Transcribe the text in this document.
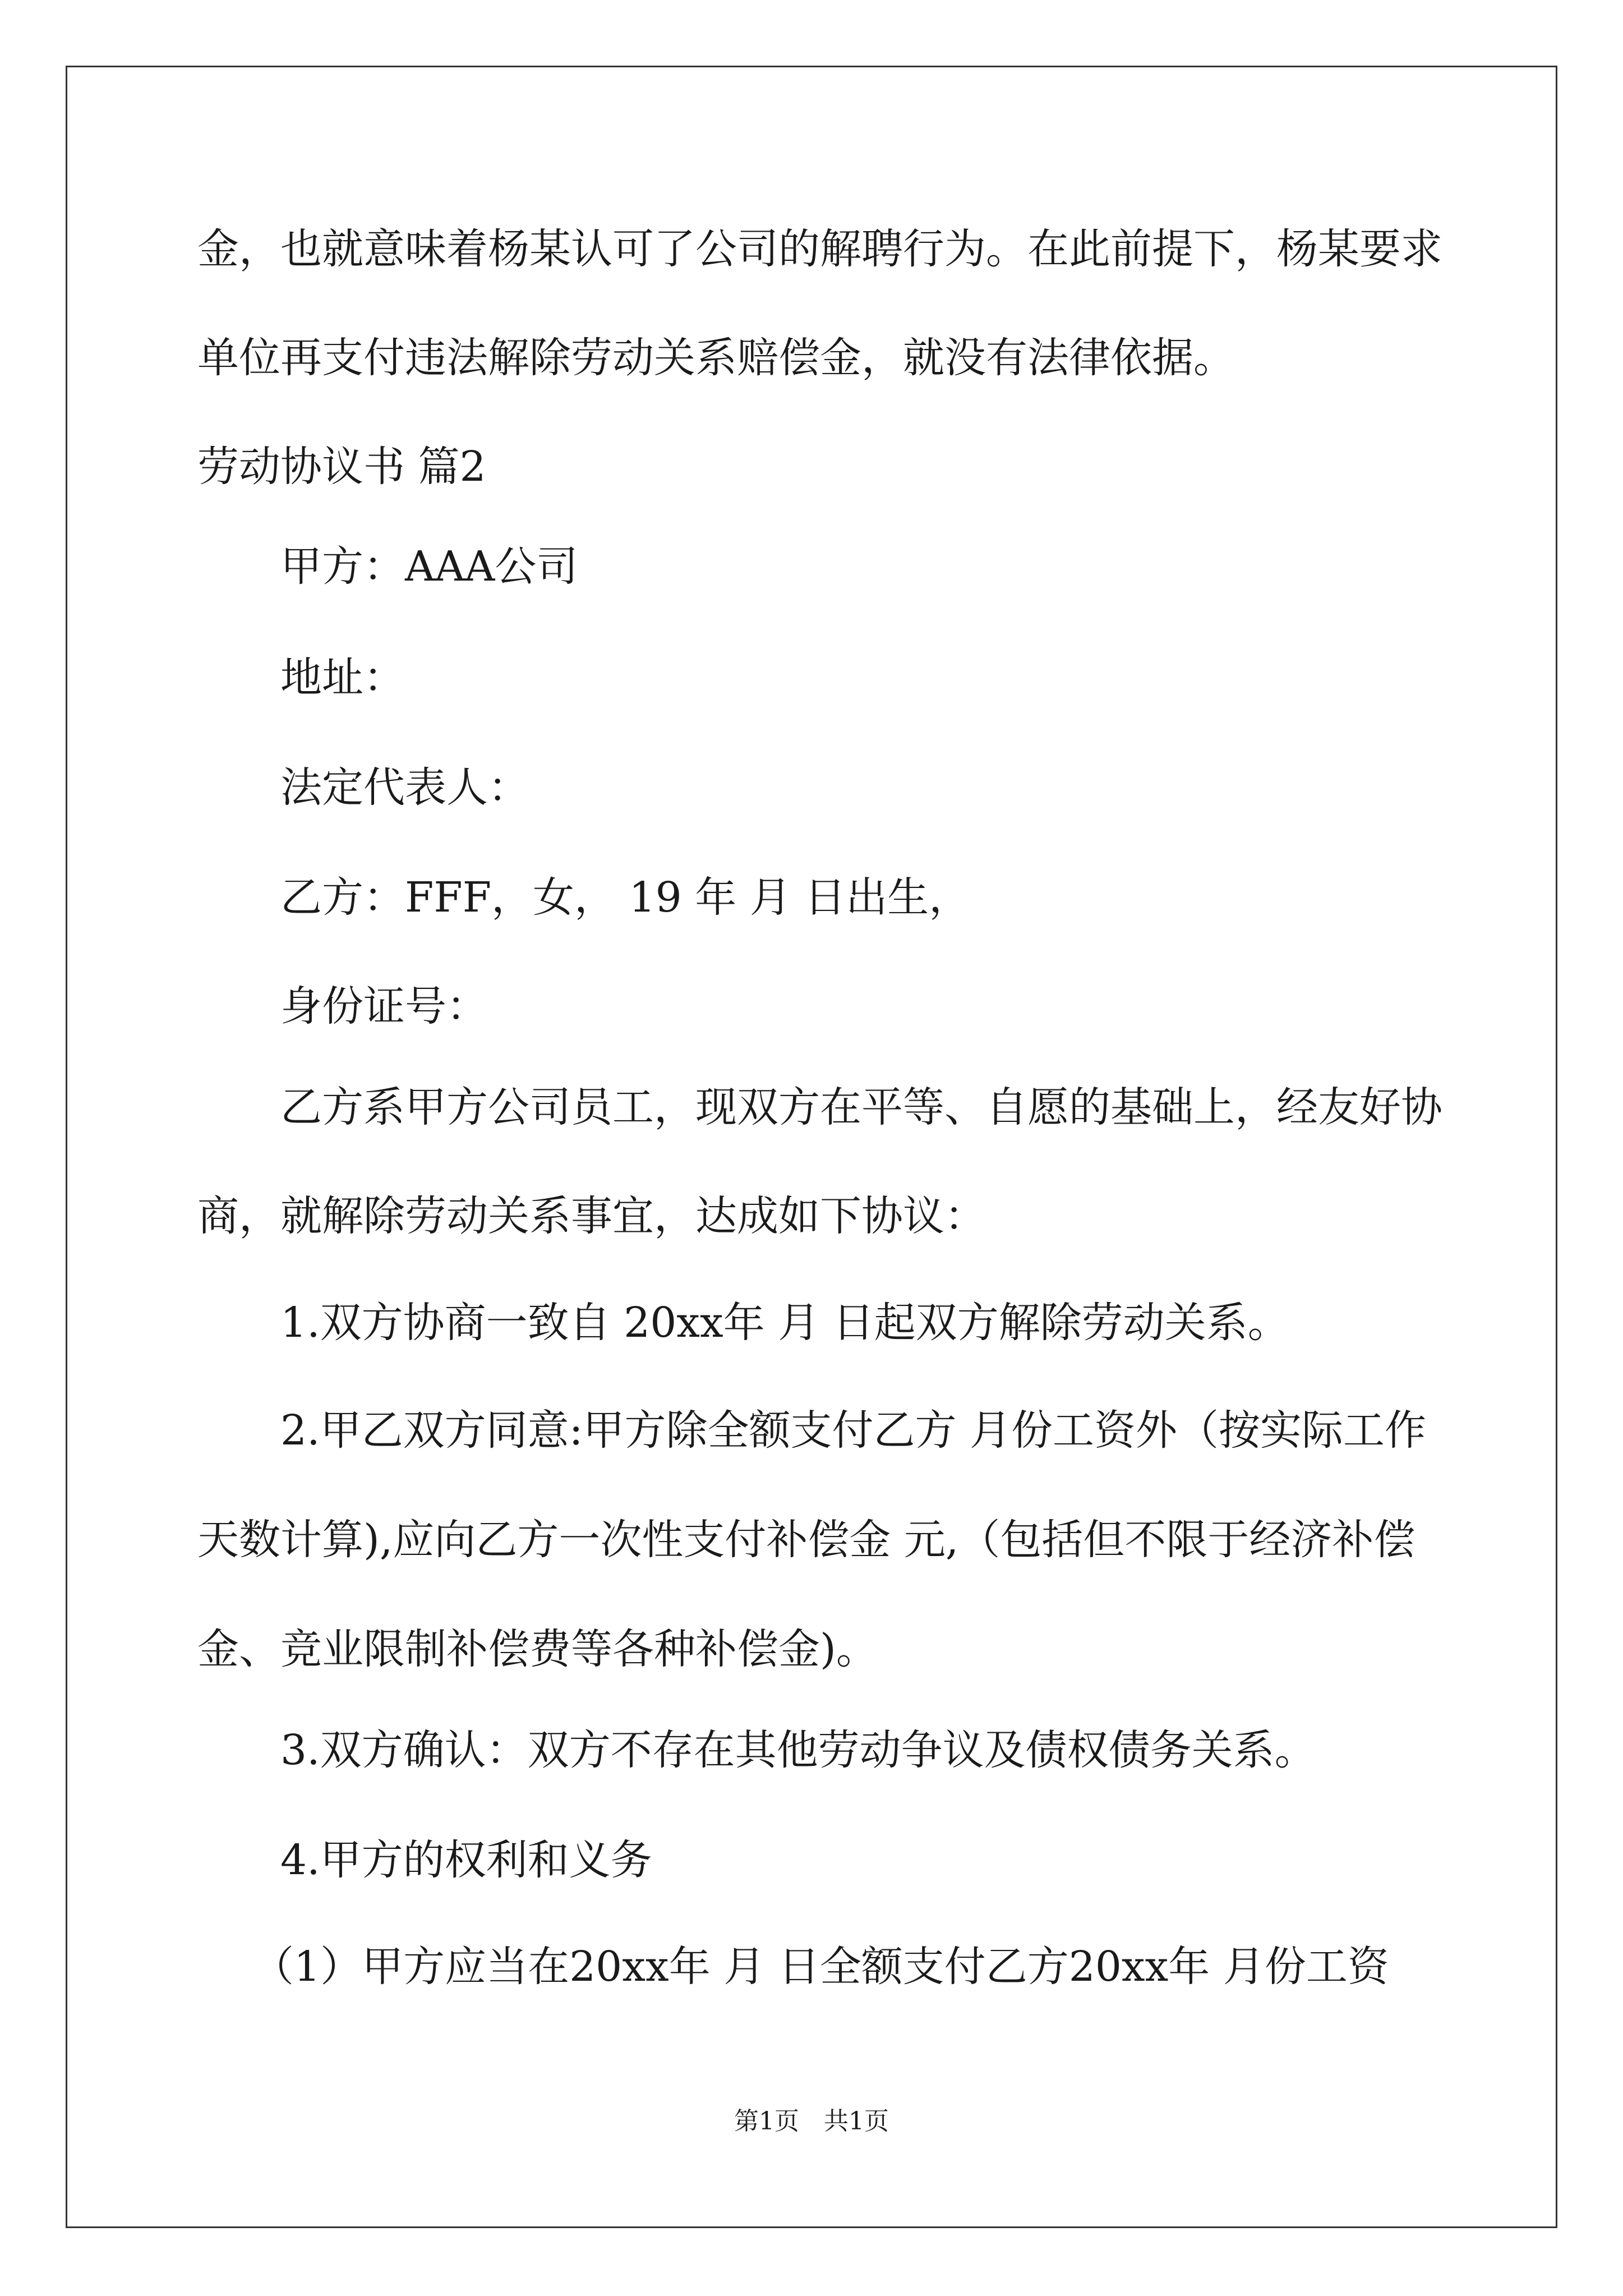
金，也就意味着杨某认可了公司的解聘行为。在此前提下，杨某要求
单位再支付违法解除劳动关系赔偿金，就没有法律依据。
劳动协议书 篇2
甲方：AAA公司
地址：
法定代表人：
乙方：FFF，女， 19 年 月 日出生，
身份证号：
乙方系甲方公司员工，现双方在平等、自愿的基础上，经友好协
商，就解除劳动关系事宜，达成如下协议：
1.双方协商一致自 20xx年 月 日起双方解除劳动关系。
2.甲乙双方同意:甲方除全额支付乙方 月份工资外（按实际工作
天数计算),应向乙方一次性支付补偿金 元,（包括但不限于经济补偿
金、竞业限制补偿费等各种补偿金)。
3.双方确认：双方不存在其他劳动争议及债权债务关系。
4.甲方的权利和义务
（1）甲方应当在20xx年 月 日全额支付乙方20xx年 月份工资
第1页　共1页
